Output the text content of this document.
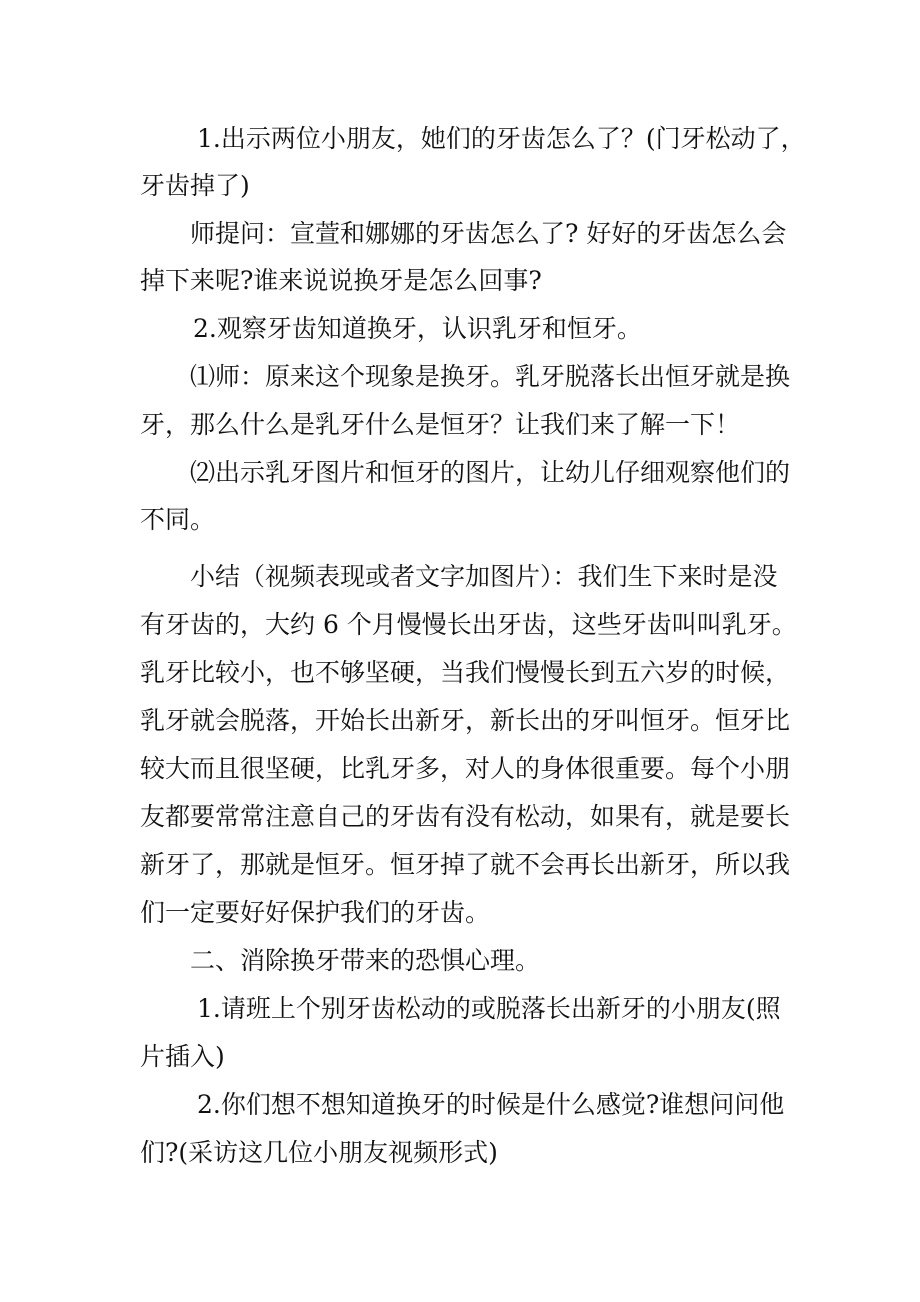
1.出示两位小朋友，她们的牙齿怎么了？(门牙松动了，
牙齿掉了)
师提问：宣萱和娜娜的牙齿怎么了? 好好的牙齿怎么会
掉下来呢?谁来说说换牙是怎么回事?
2.观察牙齿知道换牙，认识乳牙和恒牙。
⑴师：原来这个现象是换牙。乳牙脱落长出恒牙就是换
牙，那么什么是乳牙什么是恒牙？让我们来了解一下！
⑵出示乳牙图片和恒牙的图片，让幼儿仔细观察他们的
不同。
小结（视频表现或者文字加图片）：我们生下来时是没
有牙齿的，大约 6 个月慢慢长出牙齿，这些牙齿叫叫乳牙。
乳牙比较小，也不够坚硬，当我们慢慢长到五六岁的时候，
乳牙就会脱落，开始长出新牙，新长出的牙叫恒牙。恒牙比
较大而且很坚硬，比乳牙多，对人的身体很重要。每个小朋
友都要常常注意自己的牙齿有没有松动，如果有，就是要长
新牙了，那就是恒牙。恒牙掉了就不会再长出新牙，所以我
们一定要好好保护我们的牙齿。
二、消除换牙带来的恐惧心理。
1.请班上个别牙齿松动的或脱落长出新牙的小朋友(照
片插入)
2.你们想不想知道换牙的时候是什么感觉?谁想问问他
们?(采访这几位小朋友视频形式)
